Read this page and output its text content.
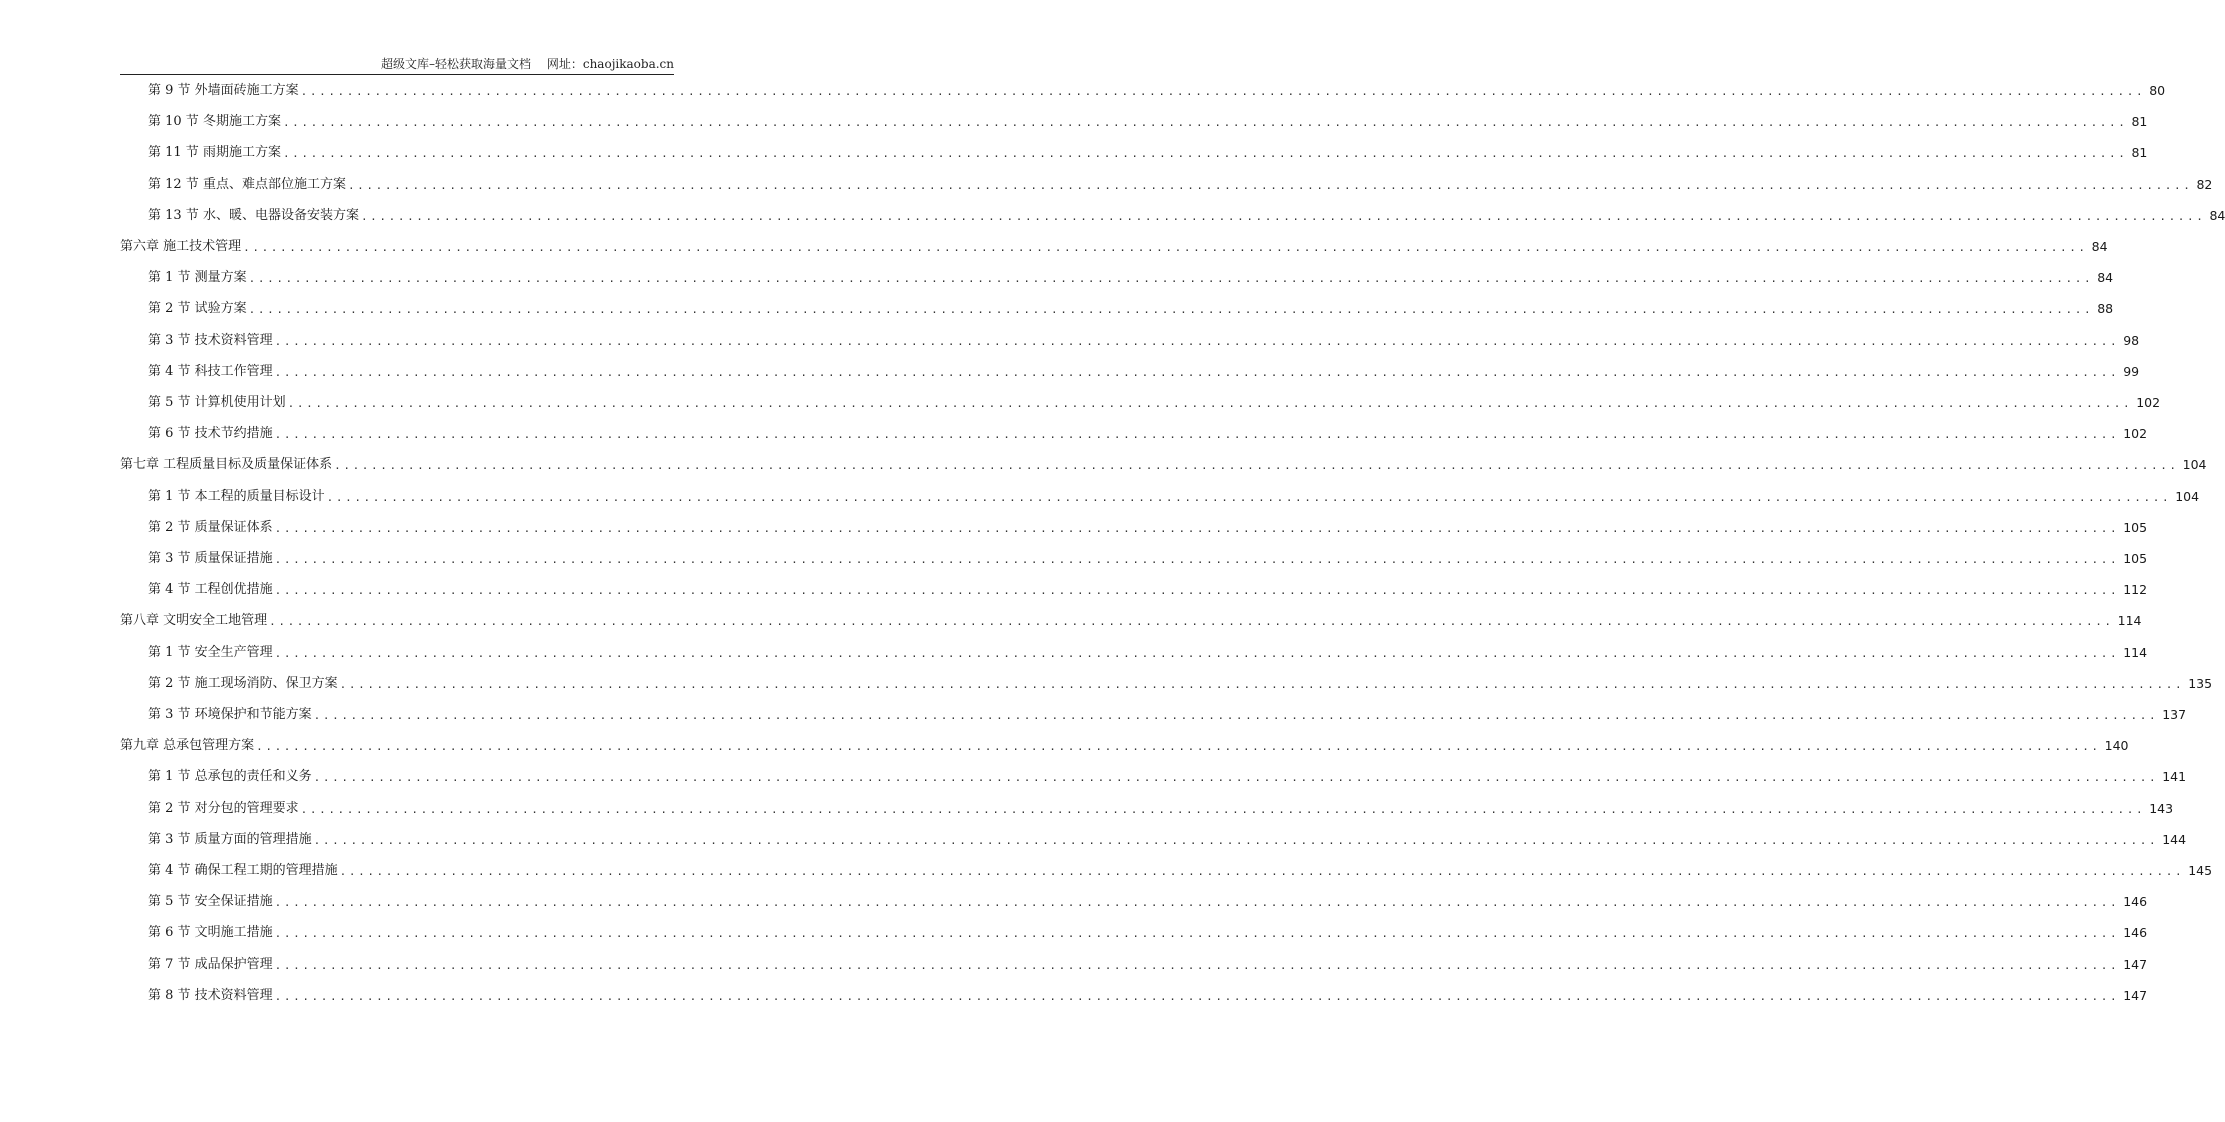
超级文库–轻松获取海量文档　 网址：chaojikaoba.cn
第 9 节 外墙面砖施工方案 ........................................................................................................................................................................................................ 80
第 10 节 冬期施工方案 ........................................................................................................................................................................................................ 81
第 11 节 雨期施工方案 ........................................................................................................................................................................................................ 81
第 12 节 重点、难点部位施工方案 ........................................................................................................................................................................................................ 82
第 13 节 水、暖、电器设备安装方案 ........................................................................................................................................................................................................ 84
第六章 施工技术管理 ........................................................................................................................................................................................................ 84
第 1 节 测量方案 ........................................................................................................................................................................................................ 84
第 2 节 试验方案 ........................................................................................................................................................................................................ 88
第 3 节 技术资料管理 ........................................................................................................................................................................................................ 98
第 4 节 科技工作管理 ........................................................................................................................................................................................................ 99
第 5 节 计算机使用计划 ........................................................................................................................................................................................................ 102
第 6 节 技术节约措施 ........................................................................................................................................................................................................ 102
第七章 工程质量目标及质量保证体系 ........................................................................................................................................................................................................ 104
第 1 节 本工程的质量目标设计 ........................................................................................................................................................................................................ 104
第 2 节 质量保证体系 ........................................................................................................................................................................................................ 105
第 3 节 质量保证措施 ........................................................................................................................................................................................................ 105
第 4 节 工程创优措施 ........................................................................................................................................................................................................ 112
第八章 文明安全工地管理 ........................................................................................................................................................................................................ 114
第 1 节 安全生产管理 ........................................................................................................................................................................................................ 114
第 2 节 施工现场消防、保卫方案 ........................................................................................................................................................................................................ 135
第 3 节 环境保护和节能方案 ........................................................................................................................................................................................................ 137
第九章 总承包管理方案 ........................................................................................................................................................................................................ 140
第 1 节 总承包的责任和义务 ........................................................................................................................................................................................................ 141
第 2 节 对分包的管理要求 ........................................................................................................................................................................................................ 143
第 3 节 质量方面的管理措施 ........................................................................................................................................................................................................ 144
第 4 节 确保工程工期的管理措施 ........................................................................................................................................................................................................ 145
第 5 节 安全保证措施 ........................................................................................................................................................................................................ 146
第 6 节 文明施工措施 ........................................................................................................................................................................................................ 146
第 7 节 成品保护管理 ........................................................................................................................................................................................................ 147
第 8 节 技术资料管理 ........................................................................................................................................................................................................ 147
